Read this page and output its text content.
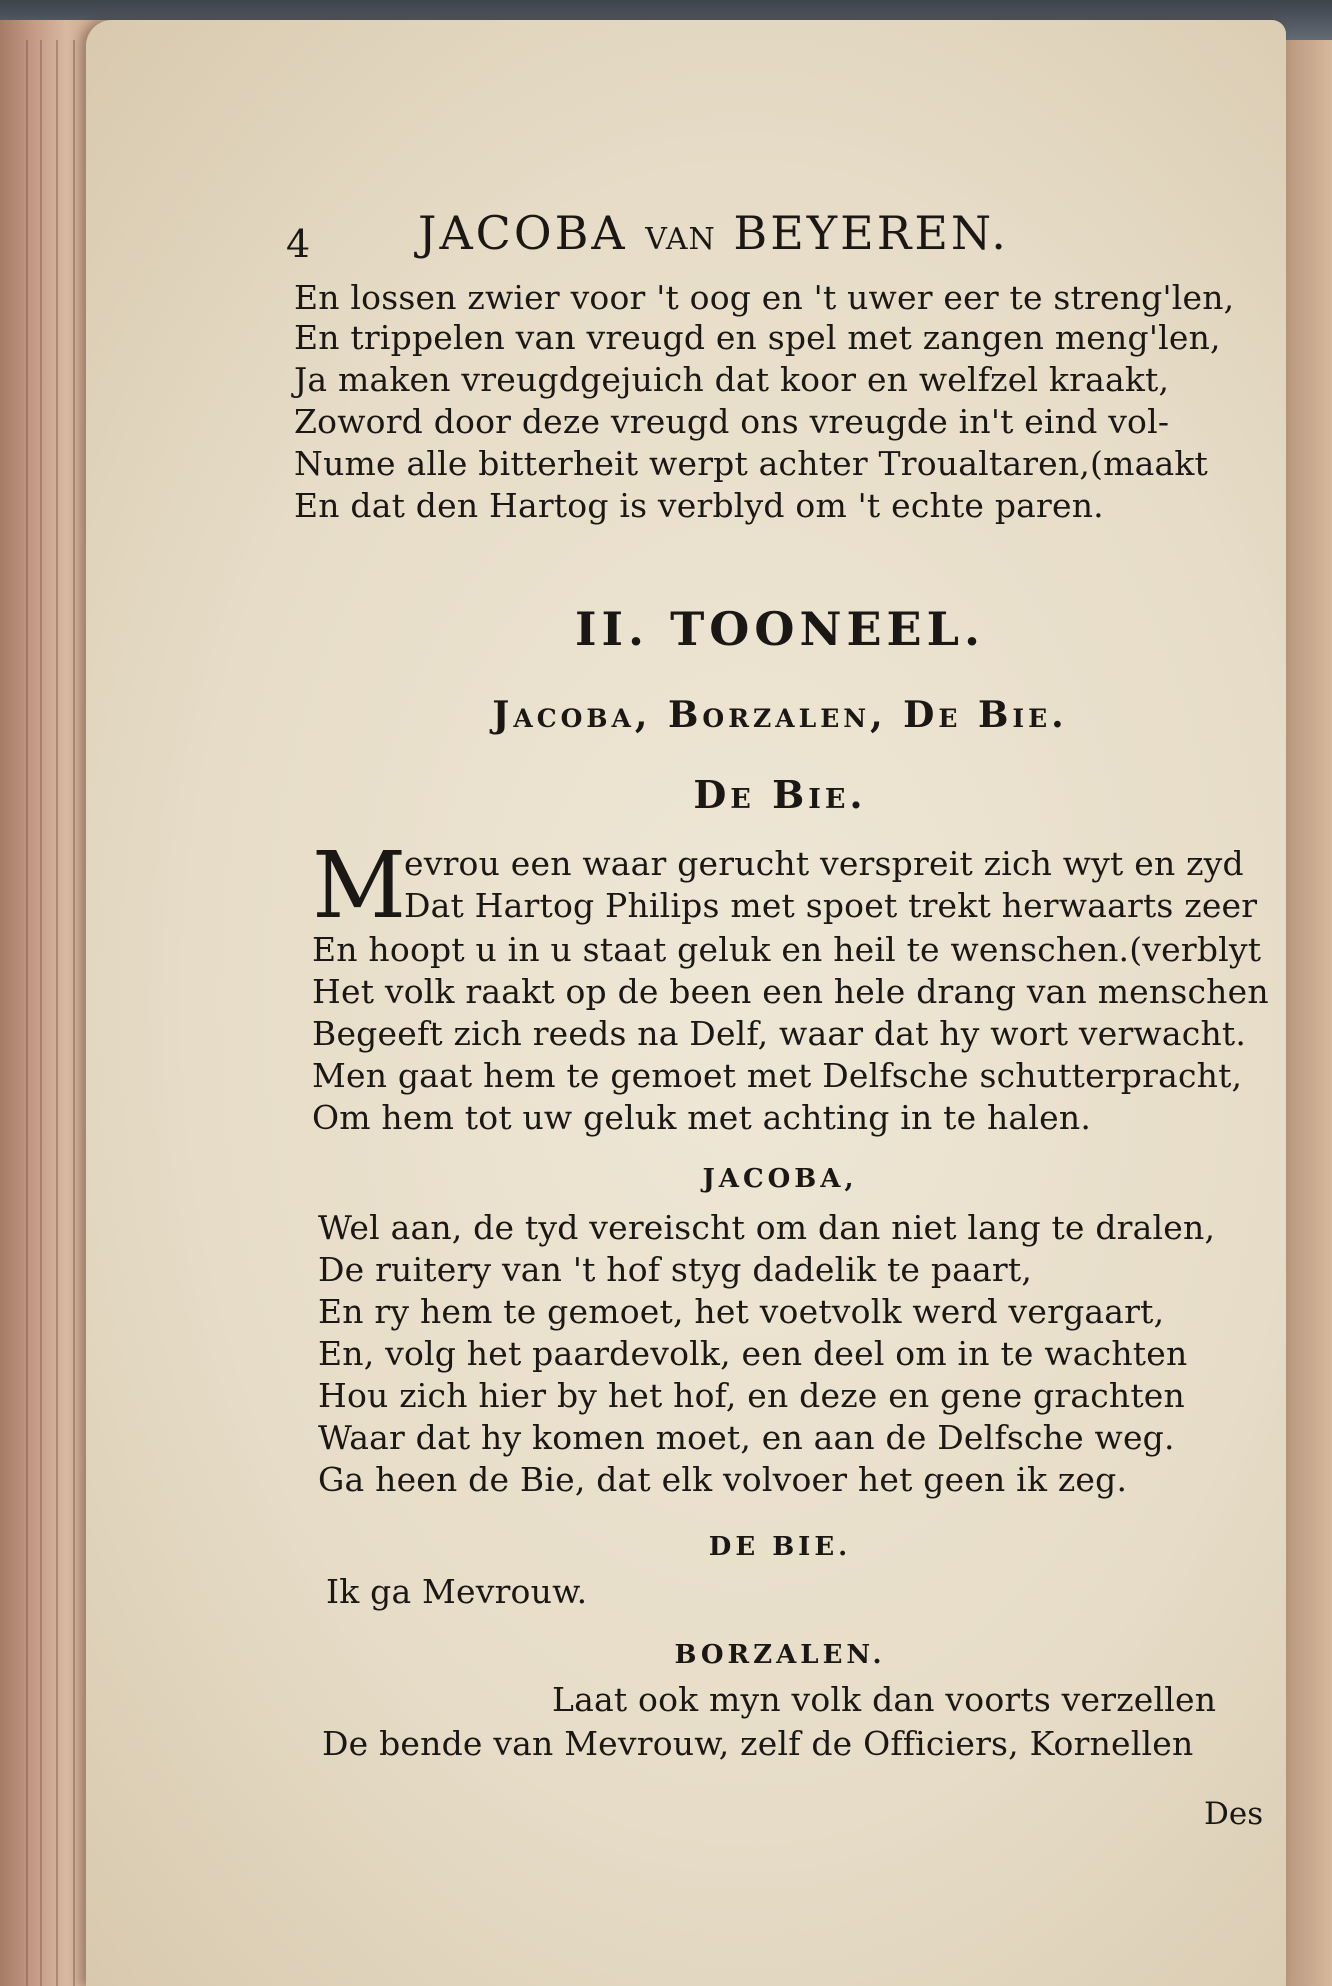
4 JACOBA VAN BEYEREN.
En lossen zwier voor 't oog en 't uwer eer te streng'len,
En trippelen van vreugd en spel met zangen meng'len,
Ja maken vreugdgejuich dat koor en welfzel kraakt,
Zoword door deze vreugd ons vreugde in't eind vol-
Nume alle bitterheit werpt achter Troualtaren,(maakt
En dat den Hartog is verblyd om 't echte paren.
II. TOONEEL.
Jacoba, Borzalen, De Bie.
De Bie.
M
evrou een waar gerucht verspreit zich wyt en zyd
Dat Hartog Philips met spoet trekt herwaarts zeer
En hoopt u in u staat geluk en heil te wenschen.(verblyt
Het volk raakt op de been een hele drang van menschen
Begeeft zich reeds na Delf, waar dat hy wort verwacht.
Men gaat hem te gemoet met Delfsche schutterpracht,
Om hem tot uw geluk met achting in te halen.
JACOBA,
Wel aan, de tyd vereischt om dan niet lang te dralen,
De ruitery van 't hof styg dadelik te paart,
En ry hem te gemoet, het voetvolk werd vergaart,
En, volg het paardevolk, een deel om in te wachten
Hou zich hier by het hof, en deze en gene grachten
Waar dat hy komen moet, en aan de Delfsche weg.
Ga heen de Bie, dat elk volvoer het geen ik zeg.
DE BIE.
Ik ga Mevrouw.
BORZALEN.
Laat ook myn volk dan voorts verzellen
De bende van Mevrouw, zelf de Officiers, Kornellen
Des
